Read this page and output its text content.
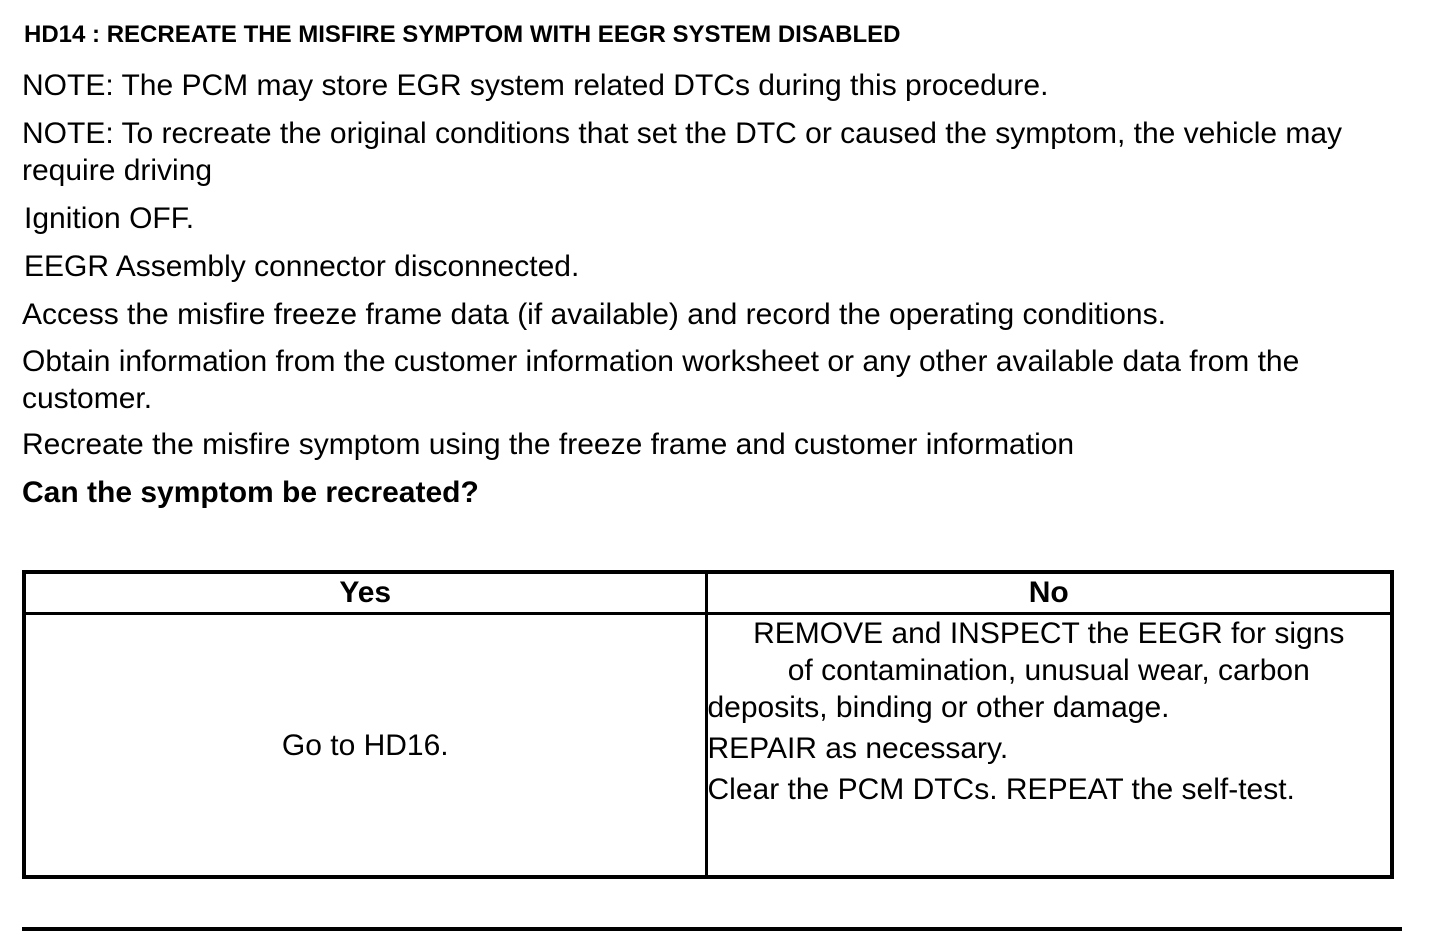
HD14 : RECREATE THE MISFIRE SYMPTOM WITH EEGR SYSTEM DISABLED
NOTE: The PCM may store EGR system related DTCs during this procedure.
NOTE: To recreate the original conditions that set the DTC or caused the symptom, the vehicle may require driving
Ignition OFF.
EEGR Assembly connector disconnected.
Access the misfire freeze frame data (if available) and record the operating conditions.
Obtain information from the customer information worksheet or any other available data from the customer.
Recreate the misfire symptom using the freeze frame and customer information
Can the symptom be recreated?
Yes	No
Go to HD16.	REMOVE and INSPECT the EEGR for signs
of contamination, unusual wear, carbon
deposits, binding or other damage.
REPAIR as necessary.
Clear the PCM DTCs. REPEAT the self-test.
